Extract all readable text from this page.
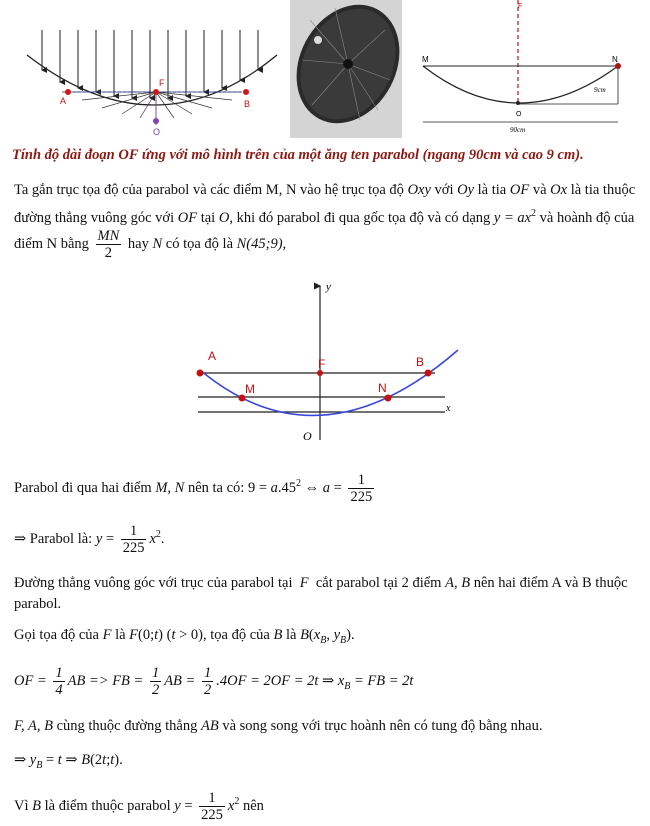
A	B
F
O
M	N
O
F
9cm
90cm
Tính độ dài đoạn OF ứng với mô hình trên của một ăng ten parabol (ngang 90cm và cao 9 cm).
Ta gắn trục tọa độ của parabol và các điểm M, N vào hệ trục tọa độ Oxy với Oy là tia OF và Ox là tia thuộc
đường thẳng vuông góc với OF tại O, khi đó parabol đi qua gốc tọa độ và có dạng $y = ax^2$ và hoành độ của
điểm N bằng $\frac{MN}{2}$ hay N có tọa độ là N(45;9),
y
x
A	B
F
M	N
O
Parabol đi qua hai điểm M, N nên ta có: $9 = a.45^2$ ⇔ $a = \frac{1}{225}$
⇒ Parabol là: $y = \frac{1}{225} x^2$.
Đường thẳng vuông góc với trục của parabol tại F cắt parabol tại 2 điểm A, B nên hai điểm A và B thuộc
parabol.
Gọi tọa độ của F là F(0;t) (t > 0), tọa độ của B là $B(x_B$, $y_B$).
OF = $\frac{1}{4}$ AB => FB = $\frac{1}{2}$ AB = $\frac{1}{2} .4OF = 2OF = 2t$ ⇒ $x_B$ = FB = 2t
F, A, B cùng thuộc đường thẳng AB và song song với trục hoành nên có tung độ bằng nhau.
⇒ $y_B = t$ ⇒ B(2t;t).
Vì B là điểm thuộc parabol $y = \frac{1}{225} x^2$ nên
